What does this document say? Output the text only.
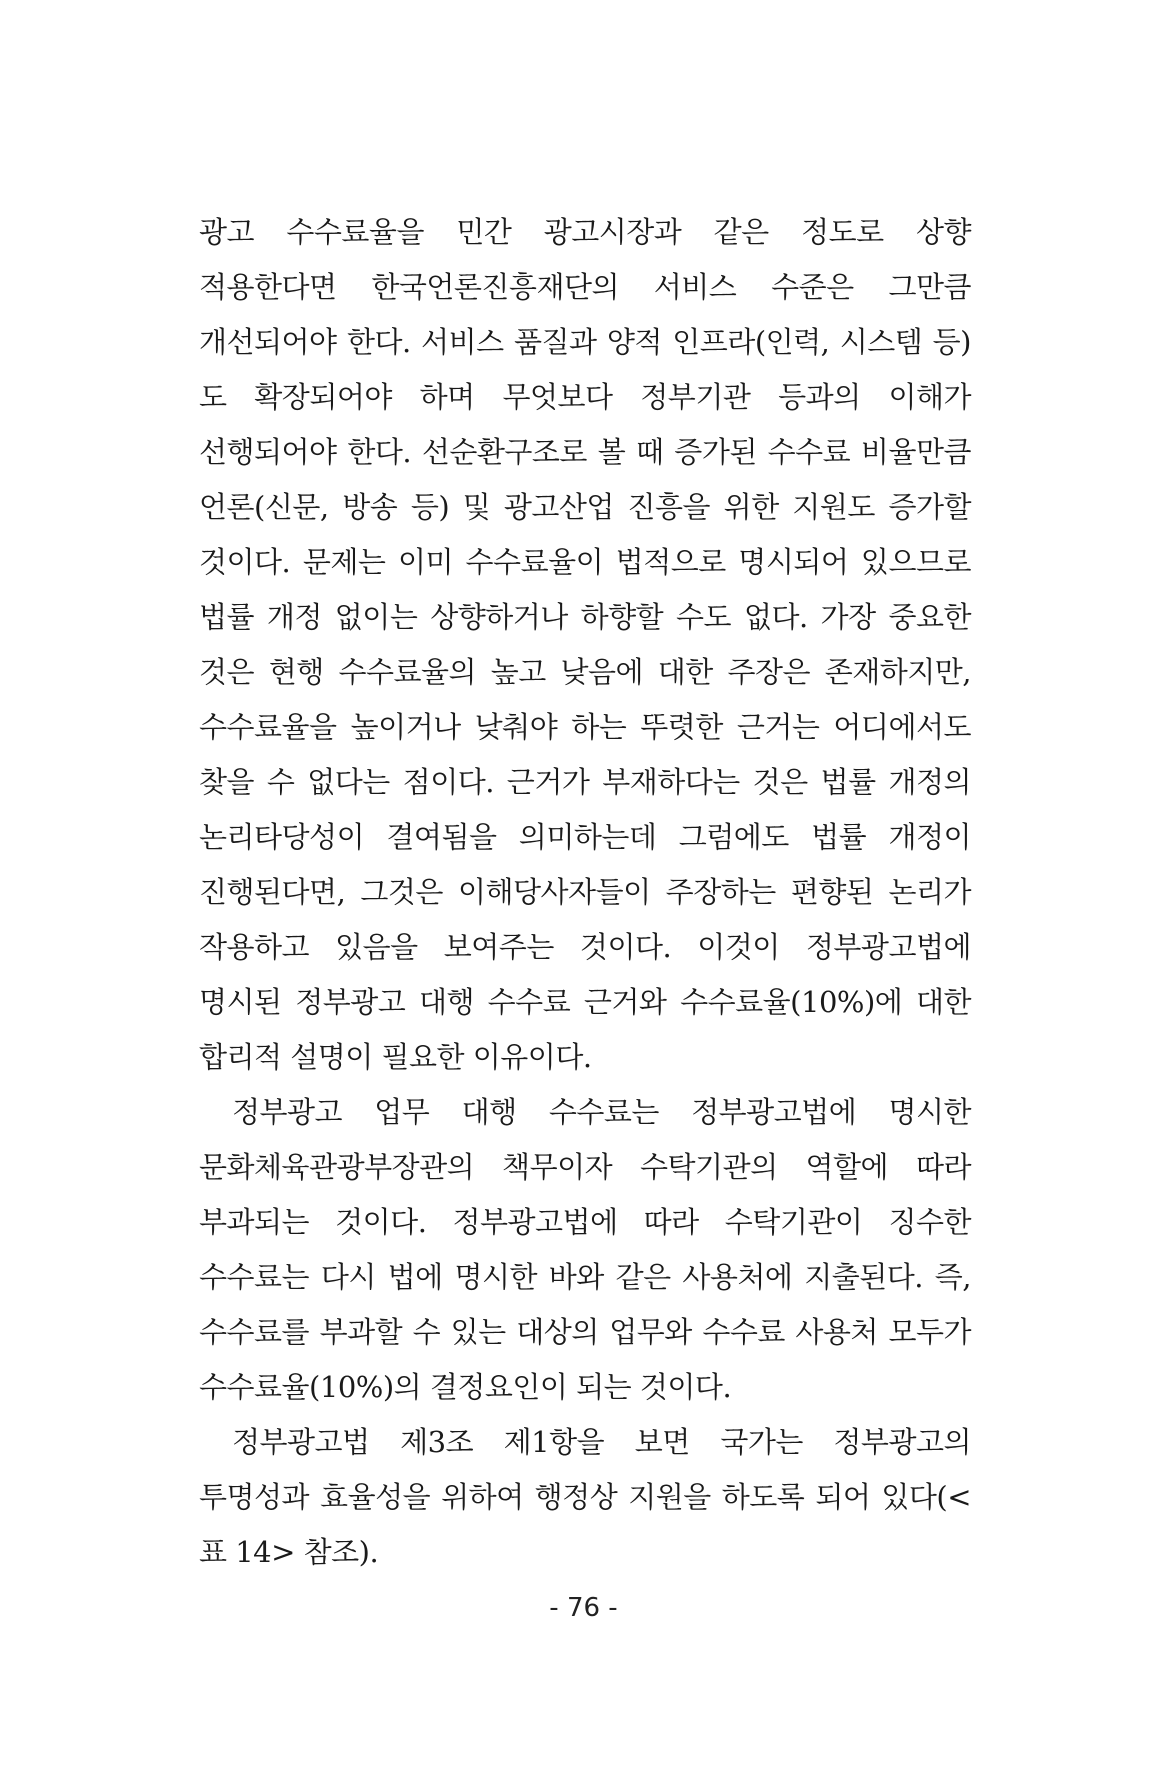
광고 수수료율을 민간 광고시장과 같은 정도로 상향 적용한다면 한국언론진흥재단의 서비스 수준은 그만큼 개선되어야 한다. 서비스 품질과 양적 인프라(인력, 시스템 등)도 확장되어야 하며 무엇보다 정부기관 등과의 이해가 선행되어야 한다. 선순환구조로 볼 때 증가된 수수료 비율만큼 언론(신문, 방송 등) 및 광고산업 진흥을 위한 지원도 증가할 것이다. 문제는 이미 수수료율이 법적으로 명시되어 있으므로 법률 개정 없이는 상향하거나 하향할 수도 없다. 가장 중요한 것은 현행 수수료율의 높고 낮음에 대한 주장은 존재하지만, 수수료율을 높이거나 낮춰야 하는 뚜렷한 근거는 어디에서도 찾을 수 없다는 점이다. 근거가 부재하다는 것은 법률 개정의 논리타당성이 결여됨을 의미하는데 그럼에도 법률 개정이 진행된다면, 그것은 이해당사자들이 주장하는 편향된 논리가 작용하고 있음을 보여주는 것이다. 이것이 정부광고법에 명시된 정부광고 대행 수수료 근거와 수수료율(10%)에 대한 합리적 설명이 필요한 이유이다.

정부광고 업무 대행 수수료는 정부광고법에 명시한 문화체육관광부장관의 책무이자 수탁기관의 역할에 따라 부과되는 것이다. 정부광고법에 따라 수탁기관이 징수한 수수료는 다시 법에 명시한 바와 같은 사용처에 지출된다. 즉, 수수료를 부과할 수 있는 대상의 업무와 수수료 사용처 모두가 수수료율(10%)의 결정요인이 되는 것이다.

정부광고법 제3조 제1항을 보면 국가는 정부광고의 투명성과 효율성을 위하여 행정상 지원을 하도록 되어 있다(<표 14> 참조).

- 76 -
